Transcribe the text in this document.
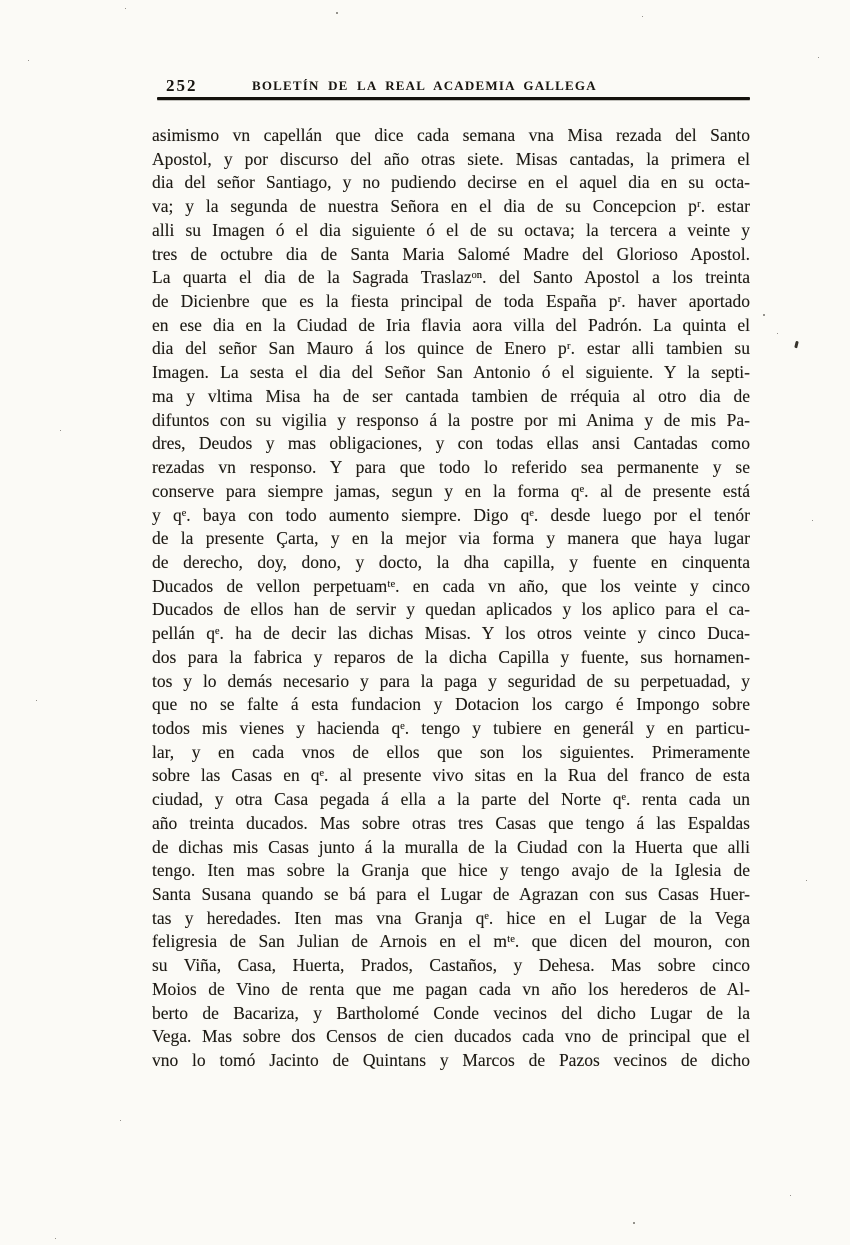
252	BOLETÍN DE LA REAL ACADEMIA GALLEGA
asimismo vn capellán que dice cada semana vna Misa rezada del Santo
Apostol, y por discurso del año otras siete. Misas cantadas, la primera el
dia del señor Santiago, y no pudiendo decirse en el aquel dia en su octa-
va; y la segunda de nuestra Señora en el dia de su Concepcion pʳ. estar
alli su Imagen ó el dia siguiente ó el de su octava; la tercera a veinte y
tres de octubre dia de Santa Maria Salomé Madre del Glorioso Apostol.
La quarta el dia de la Sagrada Traslazᵒⁿ. del Santo Apostol a los treinta
de Dicienbre que es la fiesta principal de toda España pʳ. haver aportado
en ese dia en la Ciudad de Iria flavia aora villa del Padrón. La quinta el
dia del señor San Mauro á los quince de Enero pʳ. estar alli tambien su
Imagen. La sesta el dia del Señor San Antonio ó el siguiente. Y la septi-
ma y vltima Misa ha de ser cantada tambien de rréquia al otro dia de
difuntos con su vigilia y responso á la postre por mi Anima y de mis Pa-
dres, Deudos y mas obligaciones, y con todas ellas ansi Cantadas como
rezadas vn responso. Y para que todo lo referido sea permanente y se
conserve para siempre jamas, segun y en la forma qᵉ. al de presente está
y qᵉ. baya con todo aumento siempre. Digo qᵉ. desde luego por el tenór
de la presente Çarta, y en la mejor via forma y manera que haya lugar
de derecho, doy, dono, y docto, la dha capilla, y fuente en cinquenta
Ducados de vellon perpetuamᵗᵉ. en cada vn año, que los veinte y cinco
Ducados de ellos han de servir y quedan aplicados y los aplico para el ca-
pellán qᵉ. ha de decir las dichas Misas. Y los otros veinte y cinco Duca-
dos para la fabrica y reparos de la dicha Capilla y fuente, sus hornamen-
tos y lo demás necesario y para la paga y seguridad de su perpetuadad, y
que no se falte á esta fundacion y Dotacion los cargo é Impongo sobre
todos mis vienes y hacienda qᵉ. tengo y tubiere en generál y en particu-
lar, y en cada vnos de ellos que son los siguientes. Primeramente
sobre las Casas en qᵉ. al presente vivo sitas en la Rua del franco de esta
ciudad, y otra Casa pegada á ella a la parte del Norte qᵉ. renta cada un
año treinta ducados. Mas sobre otras tres Casas que tengo á las Espaldas
de dichas mis Casas junto á la muralla de la Ciudad con la Huerta que alli
tengo. Iten mas sobre la Granja que hice y tengo avajo de la Iglesia de
Santa Susana quando se bá para el Lugar de Agrazan con sus Casas Huer-
tas y heredades. Iten mas vna Granja qᵉ. hice en el Lugar de la Vega
feligresia de San Julian de Arnois en el mᵗᵉ. que dicen del mouron, con
su Viña, Casa, Huerta, Prados, Castaños, y Dehesa. Mas sobre cinco
Moios de Vino de renta que me pagan cada vn año los herederos de Al-
berto de Bacariza, y Bartholomé Conde vecinos del dicho Lugar de la
Vega. Mas sobre dos Censos de cien ducados cada vno de principal que el
vno lo tomó Jacinto de Quintans y Marcos de Pazos vecinos de dicho
